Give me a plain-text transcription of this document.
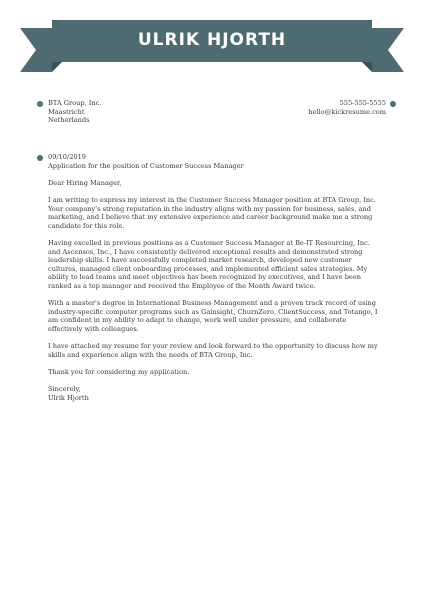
ULRIK HJORTH
BTA Group, Inc.
Maastricht
Netherlands
555-555-5555
hello@kickresume.com
09/10/2019
Application for the position of Customer Success Manager

Dear Hiring Manager,

I am writing to express my interest in the Customer Success Manager position at BTA Group, Inc. Your company's strong reputation in the industry aligns with my passion for business, sales, and marketing, and I believe that my extensive experience and career background make me a strong candidate for this role.

Having excelled in previous positions as a Customer Success Manager at Be-IT Resourcing, Inc. and Ascensos, Inc., I have consistently delivered exceptional results and demonstrated strong leadership skills. I have successfully completed market research, developed new customer cultures, managed client onboarding processes, and implemented efficient sales strategies. My ability to lead teams and meet objectives has been recognized by executives, and I have been ranked as a top manager and received the Employee of the Month Award twice.

With a master's degree in International Business Management and a proven track record of using industry-specific computer programs such as Gainsight, ChurnZero, ClientSuccess, and Totango, I am confident in my ability to adapt to change, work well under pressure, and collaborate effectively with colleagues.

I have attached my resume for your review and look forward to the opportunity to discuss how my skills and experience align with the needs of BTA Group, Inc.

Thank you for considering my application.

Sincerely,
Ulrik Hjorth
